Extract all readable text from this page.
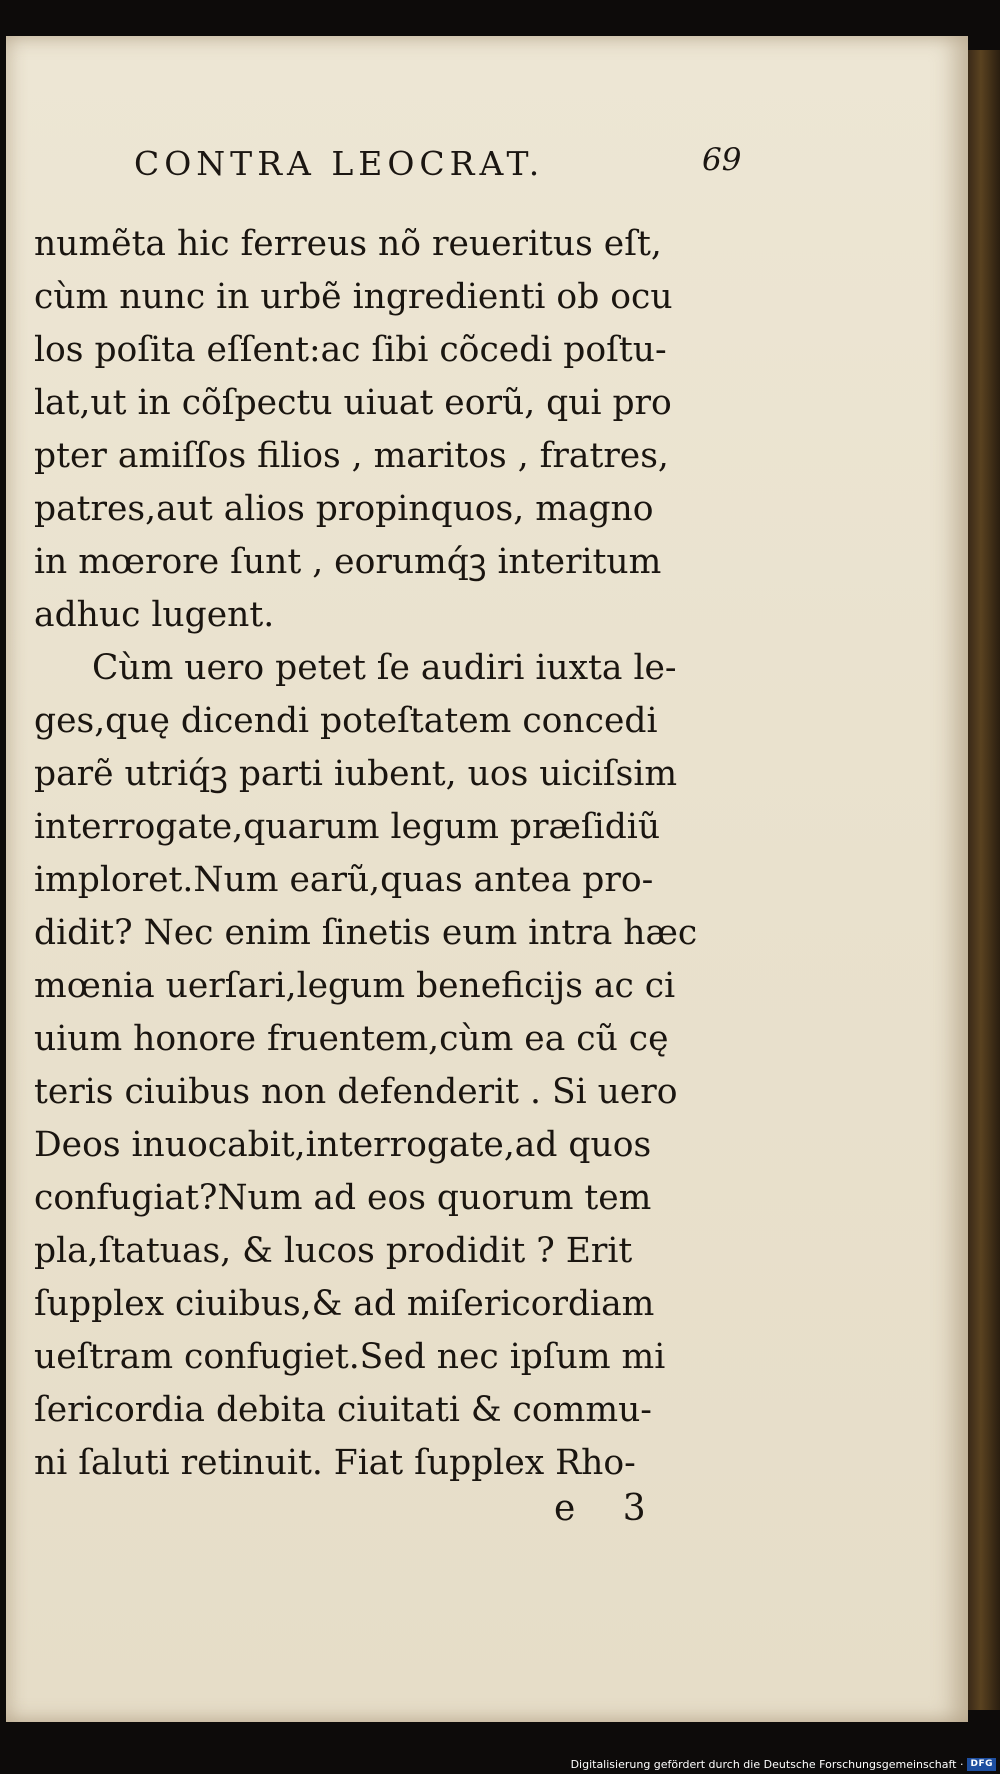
CONTRA LEOCRAT.	69
numẽta hic ferreus nõ reueritus eſt,
cùm nunc in urbẽ ingredienti ob ocu
los poſita eſſent:ac ſibi cõcedi poſtu-
lat,ut in cõſpectu uiuat eorũ, qui pro
pter amiſſos filios , maritos , fratres,
patres,aut alios propinquos, magno
in mœrore ſunt , eorumq́ꝫ interitum
adhuc lugent.
Cùm uero petet ſe audiri iuxta le-
ges,quę dicendi poteſtatem concedi
parẽ utriq́ꝫ parti iubent, uos uiciſsim
interrogate,quarum legum præſidiũ
imploret.Num earũ,quas antea pro-
didit? Nec enim ſinetis eum intra hæc
mœnia uerſari,legum beneficijs ac ci
uium honore fruentem,cùm ea cũ cę
teris ciuibus non defenderit . Si uero
Deos inuocabit,interrogate,ad quos
confugiat?Num ad eos quorum tem
pla,ſtatuas, & lucos prodidit ? Erit
ſupplex ciuibus,& ad miſericordiam
ueſtram confugiet.Sed nec ipſum mi
ſericordia debita ciuitati & commu-
ni ſaluti retinuit. Fiat ſupplex Rho-
e 3
Digitalisierung gefördert durch die Deutsche Forschungsgemeinschaft · DFG
